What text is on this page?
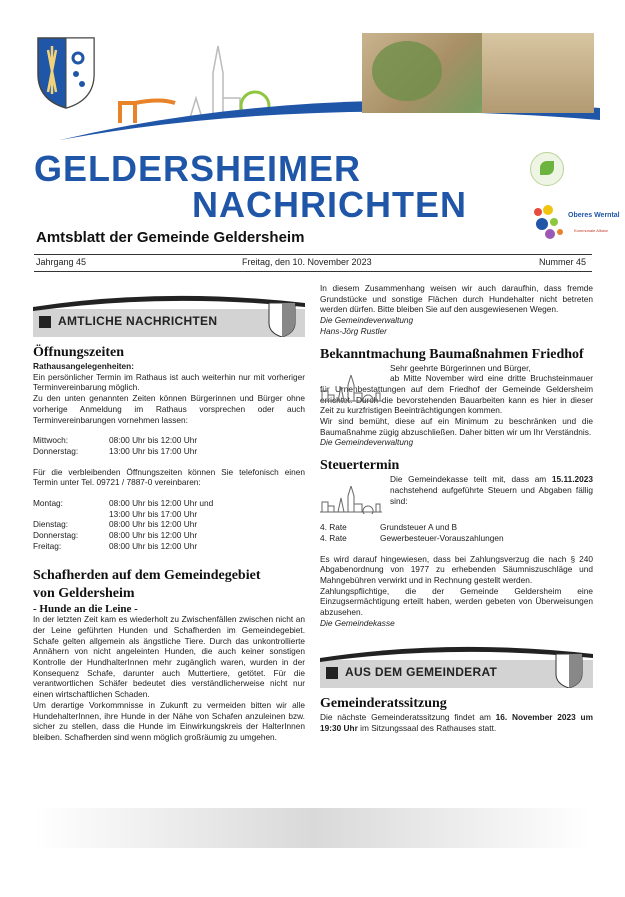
GELDERSHEIMER
NACHRICHTEN
Amtsblatt der Gemeinde Geldersheim
Oberes Werntal
Kommunale Allianz
Jahrgang 45	Freitag, den 10. November 2023	Nummer 45
AMTLICHE NACHRICHTEN
Öffnungszeiten

Rathausangelegenheiten:

Ein persönlicher Termin im Rathaus ist auch weiterhin nur mit vorheriger Terminvereinbarung möglich.

Zu den unten genannten Zeiten können Bürgerinnen und Bürger ohne vorherige Anmeldung im Rathaus vorsprechen oder auch Terminvereinbarungen vornehmen lassen:

Mittwoch:	08:00 Uhr bis 12:00 Uhr
Donnerstag:	13:00 Uhr bis 17:00 Uhr

Für die verbleibenden Öffnungszeiten können Sie telefonisch einen Termin unter Tel. 09721 / 7887-0 vereinbaren:

Montag:	08:00 Uhr bis 12:00 Uhr und
13:00 Uhr bis 17:00 Uhr
Dienstag:	08:00 Uhr bis 12:00 Uhr
Donnerstag:	08:00 Uhr bis 12:00 Uhr
Freitag:	08:00 Uhr bis 12:00 Uhr
Schafherden auf dem Gemeindegebiet
von Geldersheim
- Hunde an die Leine -

In der letzten Zeit kam es wiederholt zu Zwischenfällen zwischen nicht an der Leine geführten Hunden und Schafherden im Gemeindegebiet. Schafe gelten allgemein als ängstliche Tiere. Durch das unkontrollierte Annähern von nicht angeleinten Hunden, die auch keiner sonstigen Kontrolle der HundhalterInnen mehr zugänglich waren, wurden in der Konsequenz Schafe, darunter auch Muttertiere, getötet. Für die verantwortlichen Schäfer bedeutet dies verständlicherweise nicht nur einen wirtschaftlichen Schaden.

Um derartige Vorkommnisse in Zukunft zu vermeiden bitten wir alle HundehalterInnen, ihre Hunde in der Nähe von Schafen anzuleinen bzw. sicher zu stellen, dass die Hunde im Einwirkungskreis der HalterInnen bleiben. Schafherden sind wenn möglich großräumig zu umgehen.

In diesem Zusammenhang weisen wir auch daraufhin, dass fremde Grundstücke und sonstige Flächen durch Hundehalter nicht betreten werden dürfen. Bitte bleiben Sie auf den ausgewiesenen Wegen.

Die Gemeindeverwaltung

Hans-Jörg Rustler

Bekanntmachung Baumaßnahmen Friedhof

Sehr geehrte Bürgerinnen und Bürger,

ab Mitte November wird eine dritte Bruchsteinmauer für Urnenbestattungen auf dem Friedhof der Gemeinde Geldersheim errichtet. Durch die bevorstehenden Bauarbeiten kann es hier in dieser Zeit zu kurzfristigen Beeinträchtigungen kommen.

Wir sind bemüht, diese auf ein Minimum zu beschränken und die Baumaßnahme zügig abzuschließen. Daher bitten wir um Ihr Verständnis.

Die Gemeindeverwaltung

Steuertermin

Die Gemeindekasse teilt mit, dass am 15.11.2023 nachstehend aufgeführte Steuern und Abgaben fällig sind:

4. Rate	Grundsteuer A und B
4. Rate	Gewerbesteuer-Vorauszahlungen

Es wird darauf hingewiesen, dass bei Zahlungsverzug die nach § 240 Abgabenordnung von 1977 zu erhebenden Säumniszuschläge und Mahngebühren verwirkt und in Rechnung gestellt werden.

Zahlungspflichtige, die der Gemeinde Geldersheim eine Einzugsermächtigung erteilt haben, werden gebeten von Überweisungen abzusehen.

Die Gemeindekasse

AUS DEM GEMEINDERAT
Gemeinderatssitzung

Die nächste Gemeinderatssitzung findet am 16. November 2023 um 19:30 Uhr im Sitzungssaal des Rathauses statt.
